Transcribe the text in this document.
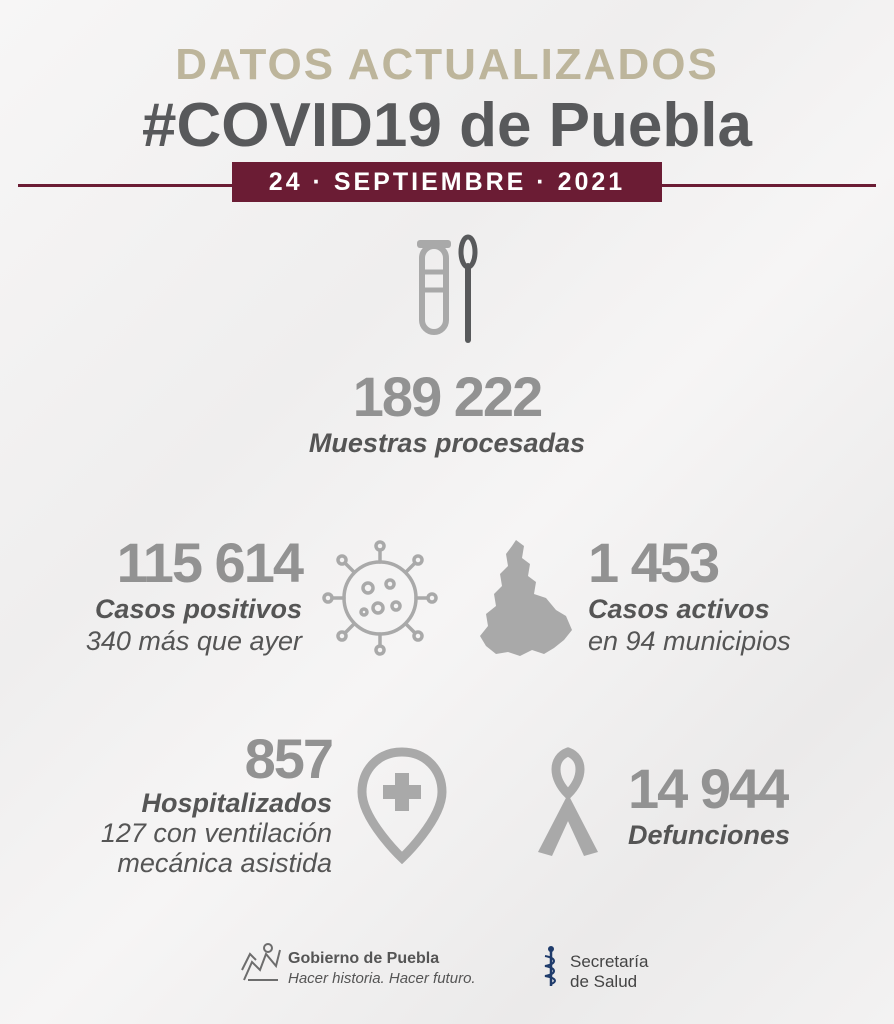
DATOS ACTUALIZADOS
#COVID19 de Puebla
24 · SEPTIEMBRE · 2021
189 222
Muestras procesadas
115 614
Casos positivos
340 más que ayer
1 453
Casos activos
en 94 municipios
857
Hospitalizados
127 con ventilación
mecánica asistida
14 944
Defunciones
Gobierno de Puebla
Hacer historia. Hacer futuro.
Secretaría
de Salud
